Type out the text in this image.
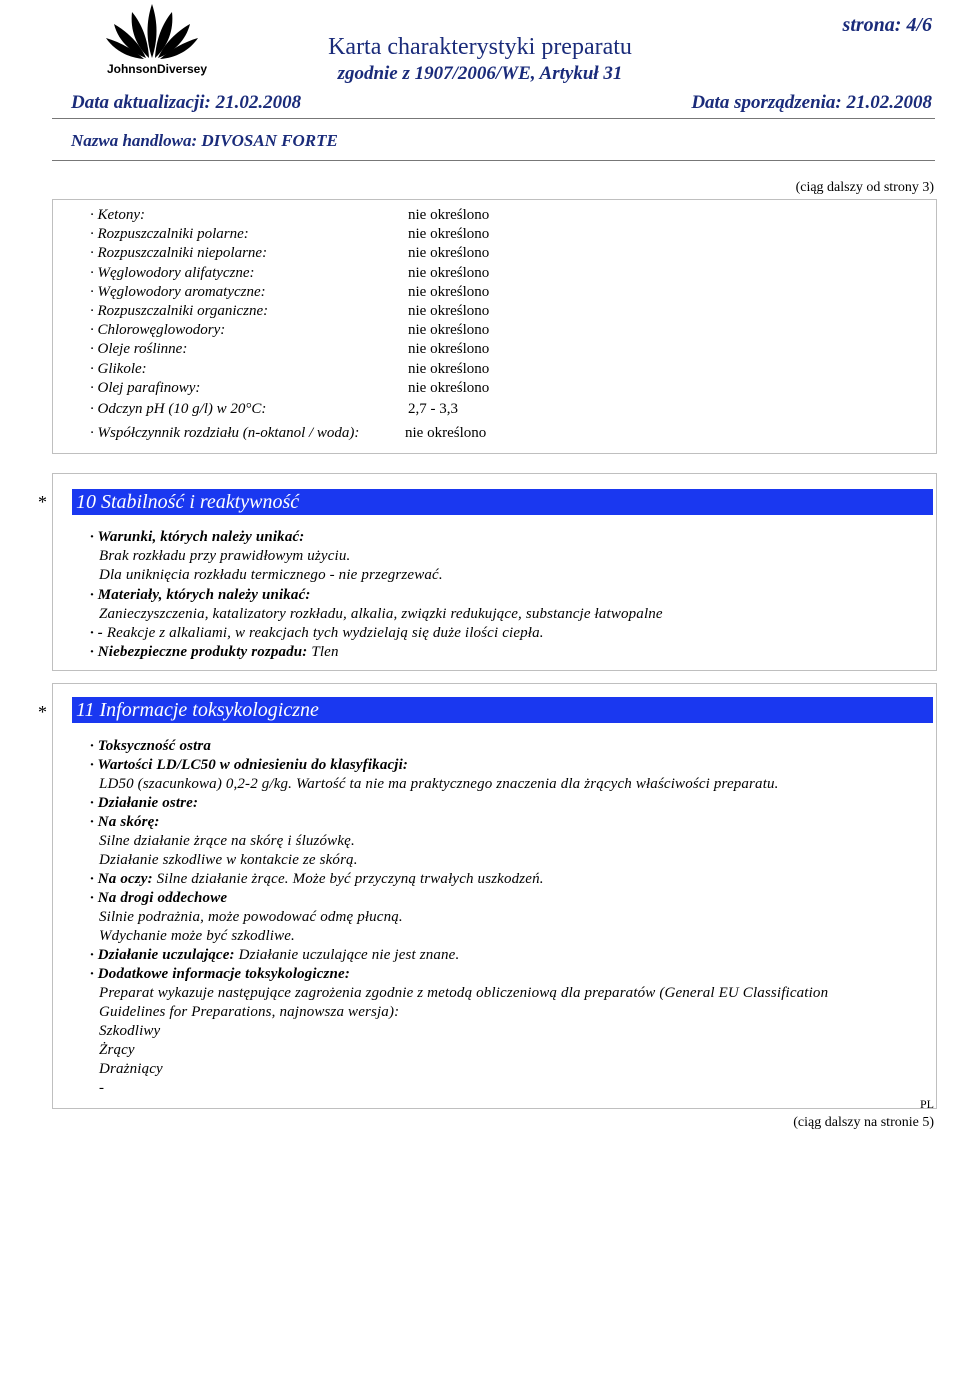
JohnsonDiversey
Karta charakterystyki preparatu
zgodnie z 1907/2006/WE, Artykuł 31
strona: 4/6
Data aktualizacji: 21.02.2008	Data sporządzenia: 21.02.2008
Nazwa handlowa: DIVOSAN FORTE
(ciąg dalszy od strony 3)
· Ketony:	nie określono
· Rozpuszczalniki polarne:	nie określono
· Rozpuszczalniki niepolarne:	nie określono
· Węglowodory alifatyczne:	nie określono
· Węglowodory aromatyczne:	nie określono
· Rozpuszczalniki organiczne:	nie określono
· Chlorowęglowodory:	nie określono
· Oleje roślinne:	nie określono
· Glikole:	nie określono
· Olej parafinowy:	nie określono
· Odczyn pH (10 g/l) w 20°C:	2,7 - 3,3
· Współczynnik rozdziału (n-oktanol / woda):	nie określono
* 10 Stabilność i reaktywność
· Warunki, których należy unikać:
Brak rozkładu przy prawidłowym użyciu.
Dla uniknięcia rozkładu termicznego - nie przegrzewać.
· Materiały, których należy unikać:
Zanieczyszczenia, katalizatory rozkładu, alkalia, związki redukujące, substancje łatwopalne
· - Reakcje z alkaliami, w reakcjach tych wydzielają się duże ilości ciepła.
· Niebezpieczne produkty rozpadu: Tlen
* 11 Informacje toksykologiczne
· Toksyczność ostra
· Wartości LD/LC50 w odniesieniu do klasyfikacji:
LD50 (szacunkowa) 0,2-2 g/kg. Wartość ta nie ma praktycznego znaczenia dla żrących właściwości preparatu.
· Działanie ostre:
· Na skórę:
Silne działanie żrące na skórę i śluzówkę.
Działanie szkodliwe w kontakcie ze skórą.
· Na oczy: Silne działanie żrące. Może być przyczyną trwałych uszkodzeń.
· Na drogi oddechowe
Silnie podrażnia, może powodować odmę płucną.
Wdychanie może być szkodliwe.
· Działanie uczulające: Działanie uczulające nie jest znane.
· Dodatkowe informacje toksykologiczne:
Preparat wykazuje następujące zagrożenia zgodnie z metodą obliczeniową dla preparatów (General EU Classification
Guidelines for Preparations, najnowsza wersja):
Szkodliwy
Żrący
Drażniący
-
PL
(ciąg dalszy na stronie 5)
